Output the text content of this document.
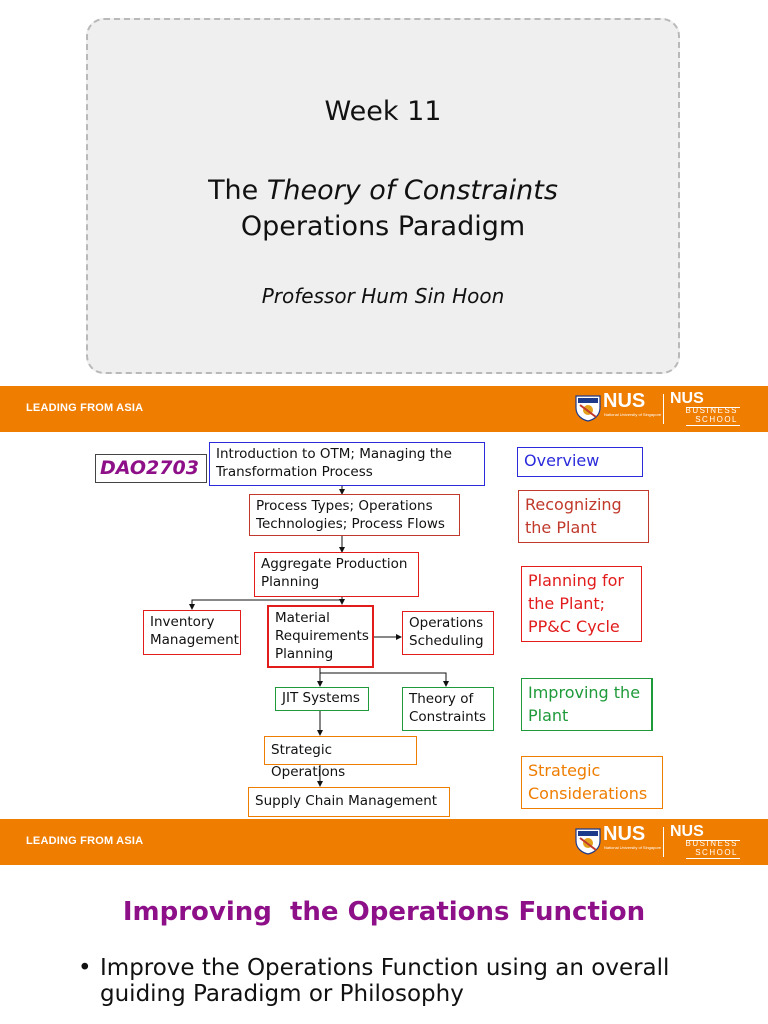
Week 11
The Theory of Constraints
Operations Paradigm
Professor Hum Sin Hoon
LEADING FROM ASIA	NUS
National University of Singapore
NUS
BUSINESS
SCHOOL
DAO2703
Introduction to OTM; Managing the Transformation Process
Process Types; Operations Technologies; Process Flows
Aggregate Production Planning
Inventory Management
Material Requirements Planning
Operations Scheduling
JIT Systems	Theory of Constraints
Strategic Operations
Supply Chain Management
Overview
Recognizing the Plant
Planning for the Plant; PP&C Cycle
Improving the Plant
Strategic Considerations
LEADING FROM ASIA	NUS
National University of Singapore
NUS
BUSINESS
SCHOOL
Improving  the Operations Function
• Improve the Operations Function using an overall guiding Paradigm or Philosophy
